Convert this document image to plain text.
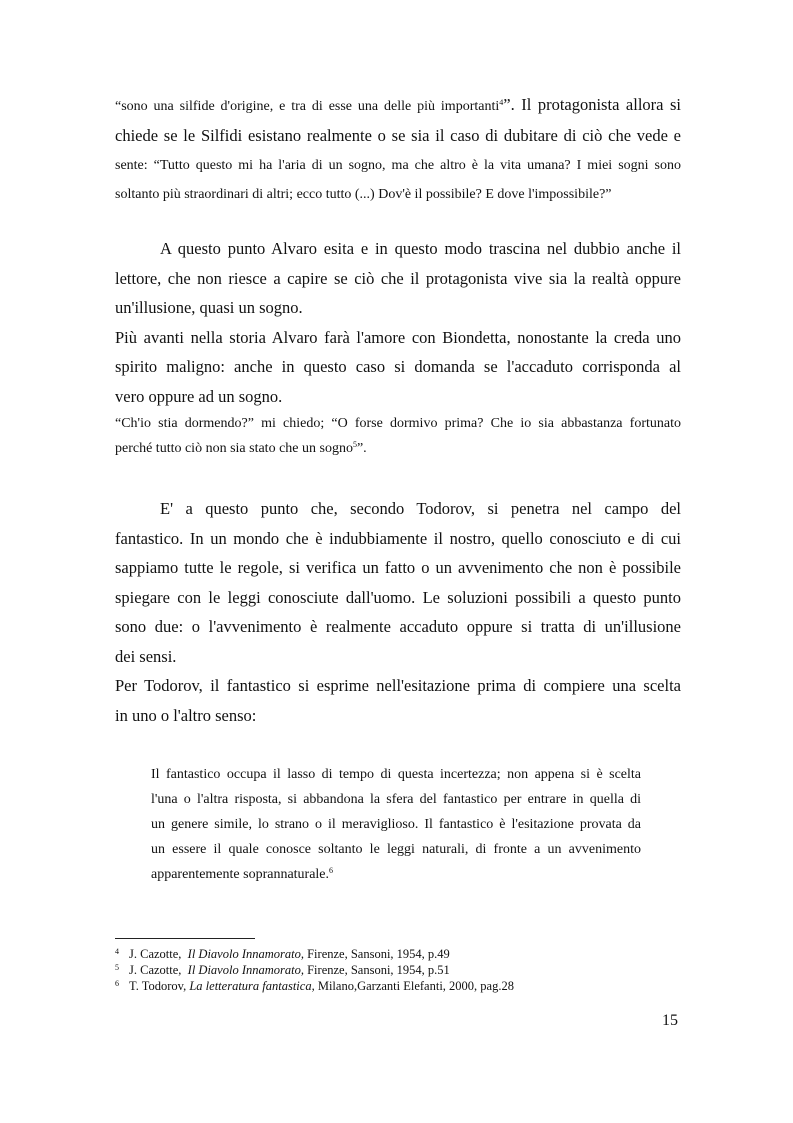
“sono una silfide d'origine, e tra di esse una delle più importanti$^4$”. Il protagonista allora si

chiede se le Silfidi esistano realmente o se sia il caso di dubitare di ciò che vede e

sente: “Tutto questo mi ha l'aria di un sogno, ma che altro è la vita umana? I miei sogni sono

soltanto più straordinari di altri; ecco tutto (...) Dov'è il possibile? E dove l'impossibile?”

A questo punto Alvaro esita e in questo modo trascina nel dubbio anche il

lettore, che non riesce a capire se ciò che il protagonista vive sia la realtà oppure

un'illusione, quasi un sogno.

Più avanti nella storia Alvaro farà l'amore con Biondetta, nonostante la creda uno

spirito maligno: anche in questo caso si domanda se l'accaduto corrisponda al

vero oppure ad un sogno.

“Ch'io stia dormendo?” mi chiedo; “O forse dormivo prima? Che io sia abbastanza fortunato

perché tutto ciò non sia stato che un sogno$^5$”.

E' a questo punto che, secondo Todorov, si penetra nel campo del

fantastico. In un mondo che è indubbiamente il nostro, quello conosciuto e di cui

sappiamo tutte le regole, si verifica un fatto o un avvenimento che non è possibile

spiegare con le leggi conosciute dall'uomo. Le soluzioni possibili a questo punto

sono due: o l'avvenimento è realmente accaduto oppure si tratta di un'illusione

dei sensi.

Per Todorov, il fantastico si esprime nell'esitazione prima di compiere una scelta

in uno o l'altro senso:

Il fantastico occupa il lasso di tempo di questa incertezza; non appena si è scelta

l'una o l'altra risposta, si abbandona la sfera del fantastico per entrare in quella di

un genere simile, lo strano o il meraviglioso. Il fantastico è l'esitazione provata da

un essere il quale conosce soltanto le leggi naturali, di fronte a un avvenimento

apparentemente soprannaturale.$^6$

4 J. Cazotte, Il Diavolo Innamorato, Firenze, Sansoni, 1954, p.49
5 J. Cazotte, Il Diavolo Innamorato, Firenze, Sansoni, 1954, p.51
6 T. Todorov, La letteratura fantastica, Milano,Garzanti Elefanti, 2000, pag.28
15
